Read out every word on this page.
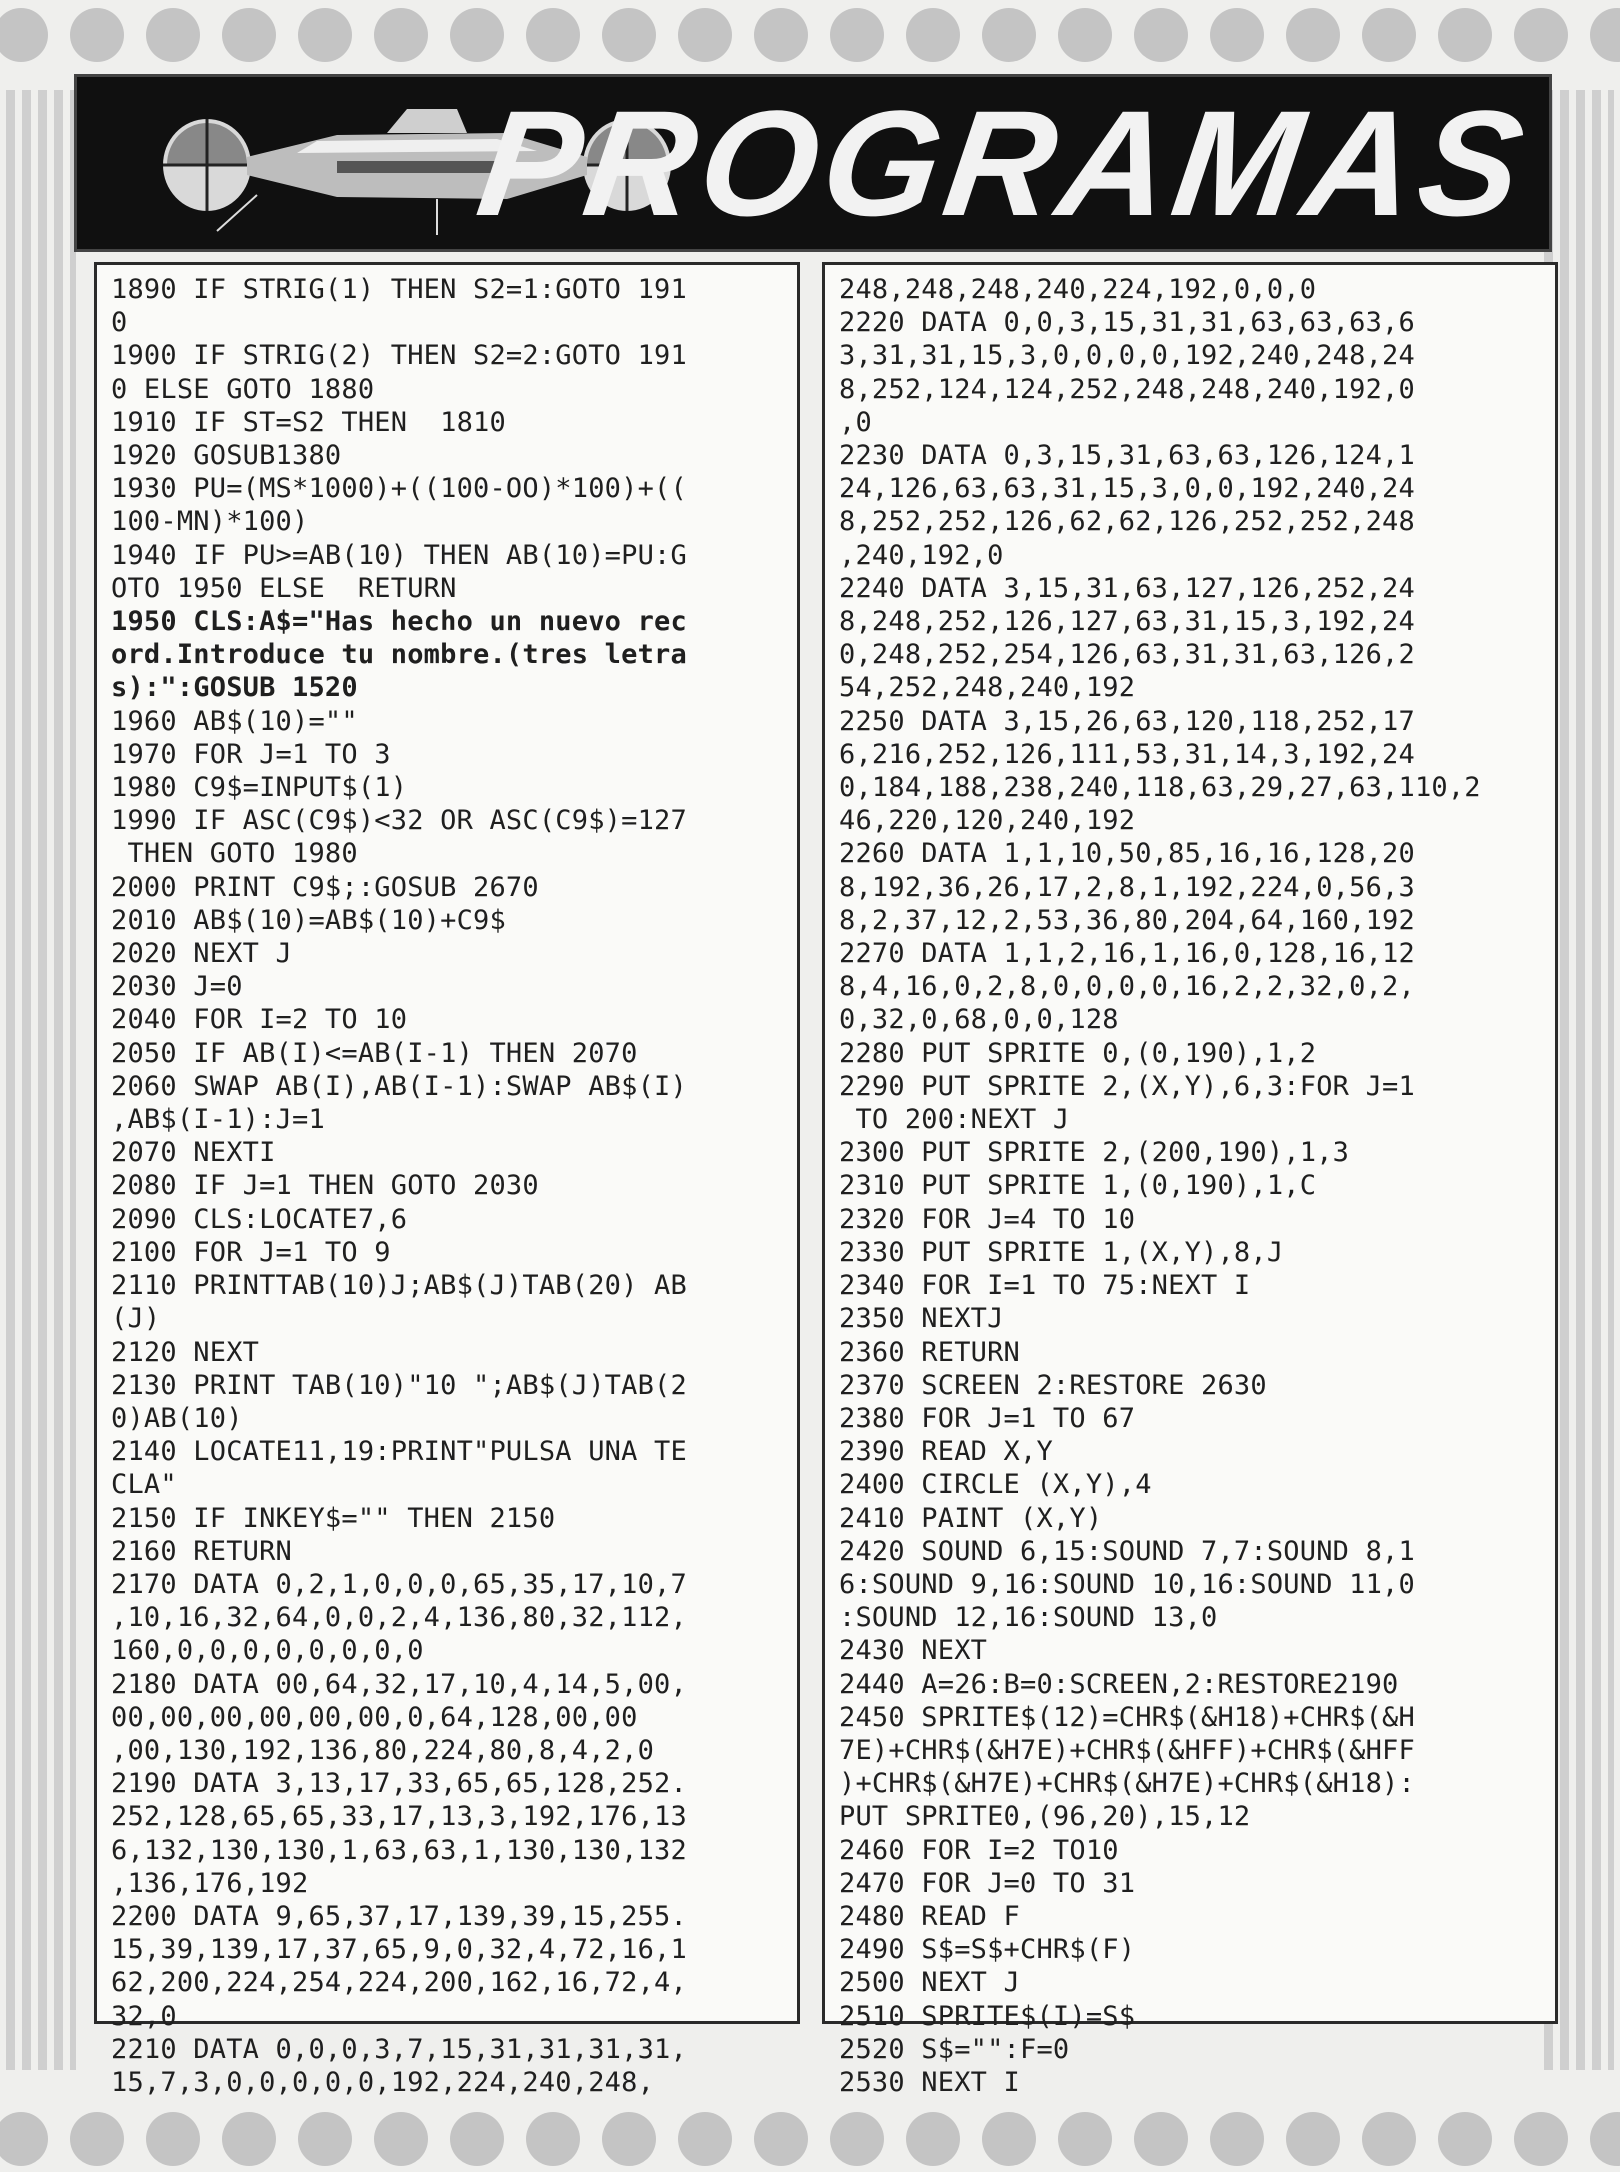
PROGRAMAS
1890 IF STRIG(1) THEN S2=1:GOTO 191
0
1900 IF STRIG(2) THEN S2=2:GOTO 191
0 ELSE GOTO 1880
1910 IF ST=S2 THEN  1810
1920 GOSUB1380
1930 PU=(MS*1000)+((100-OO)*100)+((
100-MN)*100)
1940 IF PU>=AB(10) THEN AB(10)=PU:G
OTO 1950 ELSE  RETURN
1950 CLS:A$="Has hecho un nuevo rec
ord.Introduce tu nombre.(tres letra
s):":GOSUB 1520
1960 AB$(10)=""
1970 FOR J=1 TO 3
1980 C9$=INPUT$(1)
1990 IF ASC(C9$)<32 OR ASC(C9$)=127
THEN GOTO 1980
2000 PRINT C9$;:GOSUB 2670
2010 AB$(10)=AB$(10)+C9$
2020 NEXT J
2030 J=0
2040 FOR I=2 TO 10
2050 IF AB(I)<=AB(I-1) THEN 2070
2060 SWAP AB(I),AB(I-1):SWAP AB$(I)
,AB$(I-1):J=1
2070 NEXTI
2080 IF J=1 THEN GOTO 2030
2090 CLS:LOCATE7,6
2100 FOR J=1 TO 9
2110 PRINTTAB(10)J;AB$(J)TAB(20) AB
(J)
2120 NEXT
2130 PRINT TAB(10)"10 ";AB$(J)TAB(2
0)AB(10)
2140 LOCATE11,19:PRINT"PULSA UNA TE
CLA"
2150 IF INKEY$="" THEN 2150
2160 RETURN
2170 DATA 0,2,1,0,0,0,65,35,17,10,7
,10,16,32,64,0,0,2,4,136,80,32,112,
160,0,0,0,0,0,0,0,0
2180 DATA 00,64,32,17,10,4,14,5,00,
00,00,00,00,00,00,0,64,128,00,00
,00,130,192,136,80,224,80,8,4,2,0
2190 DATA 3,13,17,33,65,65,128,252.
252,128,65,65,33,17,13,3,192,176,13
6,132,130,130,1,63,63,1,130,130,132
,136,176,192
2200 DATA 9,65,37,17,139,39,15,255.
15,39,139,17,37,65,9,0,32,4,72,16,1
62,200,224,254,224,200,162,16,72,4,
32,0
2210 DATA 0,0,0,3,7,15,31,31,31,31,
15,7,3,0,0,0,0,0,192,224,240,248,
248,248,248,240,224,192,0,0,0
2220 DATA 0,0,3,15,31,31,63,63,63,6
3,31,31,15,3,0,0,0,0,192,240,248,24
8,252,124,124,252,248,248,240,192,0
,0
2230 DATA 0,3,15,31,63,63,126,124,1
24,126,63,63,31,15,3,0,0,192,240,24
8,252,252,126,62,62,126,252,252,248
,240,192,0
2240 DATA 3,15,31,63,127,126,252,24
8,248,252,126,127,63,31,15,3,192,24
0,248,252,254,126,63,31,31,63,126,2
54,252,248,240,192
2250 DATA 3,15,26,63,120,118,252,17
6,216,252,126,111,53,31,14,3,192,24
0,184,188,238,240,118,63,29,27,63,110,2
46,220,120,240,192
2260 DATA 1,1,10,50,85,16,16,128,20
8,192,36,26,17,2,8,1,192,224,0,56,3
8,2,37,12,2,53,36,80,204,64,160,192
2270 DATA 1,1,2,16,1,16,0,128,16,12
8,4,16,0,2,8,0,0,0,0,16,2,2,32,0,2,
0,32,0,68,0,0,128
2280 PUT SPRITE 0,(0,190),1,2
2290 PUT SPRITE 2,(X,Y),6,3:FOR J=1
TO 200:NEXT J
2300 PUT SPRITE 2,(200,190),1,3
2310 PUT SPRITE 1,(0,190),1,C
2320 FOR J=4 TO 10
2330 PUT SPRITE 1,(X,Y),8,J
2340 FOR I=1 TO 75:NEXT I
2350 NEXTJ
2360 RETURN
2370 SCREEN 2:RESTORE 2630
2380 FOR J=1 TO 67
2390 READ X,Y
2400 CIRCLE (X,Y),4
2410 PAINT (X,Y)
2420 SOUND 6,15:SOUND 7,7:SOUND 8,1
6:SOUND 9,16:SOUND 10,16:SOUND 11,0
:SOUND 12,16:SOUND 13,0
2430 NEXT
2440 A=26:B=0:SCREEN,2:RESTORE2190
2450 SPRITE$(12)=CHR$(&H18)+CHR$(&H
7E)+CHR$(&H7E)+CHR$(&HFF)+CHR$(&HFF
)+CHR$(&H7E)+CHR$(&H7E)+CHR$(&H18):
PUT SPRITE0,(96,20),15,12
2460 FOR I=2 TO10
2470 FOR J=0 TO 31
2480 READ F
2490 S$=S$+CHR$(F)
2500 NEXT J
2510 SPRITE$(I)=S$
2520 S$="":F=0
2530 NEXT I
